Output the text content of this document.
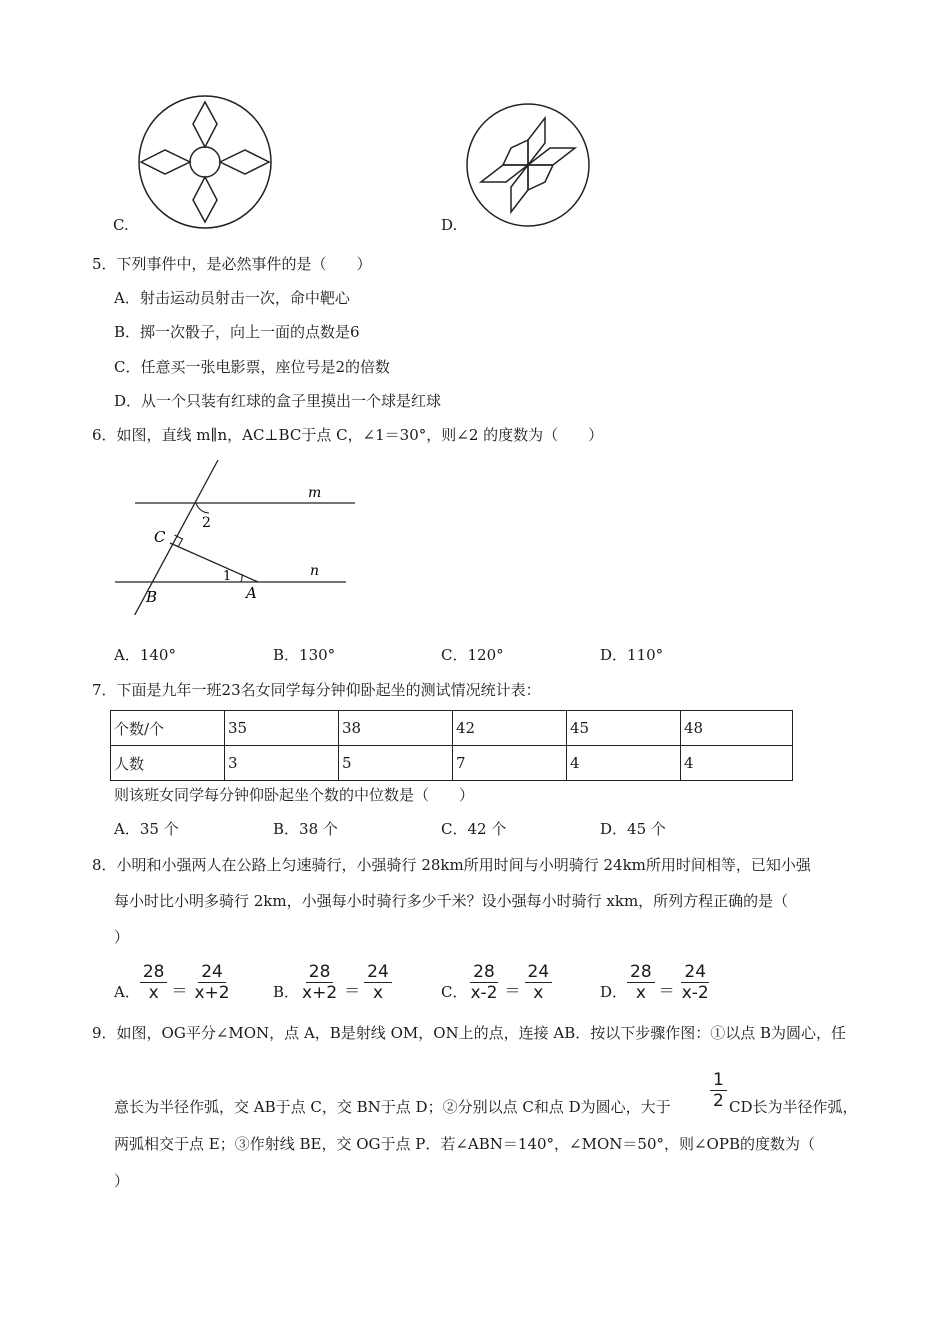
C.	D.
5．下列事件中，是必然事件的是（　　）
A．射击运动员射击一次，命中靶心
B．掷一次骰子，向上一面的点数是6
C．任意买一张电影票，座位号是2的倍数
D．从一个只装有红球的盒子里摸出一个球是红球
6．如图，直线 m∥n，AC⊥BC于点 C，∠1＝30°，则∠2 的度数为（　　）
m
n
2
C
1
B	A
A．140°	B．130°	C．120°	D．110°
7．下面是九年一班23名女同学每分钟仰卧起坐的测试情况统计表：
个数/个	35	38	42	45	48
人数	3	5	7	4	4
则该班女同学每分钟仰卧起坐个数的中位数是（　　）
A．35 个	B．38 个	C．42 个	D．45 个
8．小明和小强两人在公路上匀速骑行，小强骑行 28km所用时间与小明骑行 24km所用时间相等，已知小强
每小时比小明多骑行 2km，小强每小时骑行多少千米？设小强每小时骑行 xkm，所列方程正确的是（
）
A． $\frac{28}{x} = \frac{24}{x+2}$	B． $\frac{28}{x+2} = \frac{24}{x}$	C． $\frac{28}{x-2} = \frac{24}{x}$	D． $\frac{28}{x} = \frac{24}{x-2}$
9．如图，OG平分∠MON，点 A，B是射线 OM，ON上的点，连接 AB．按以下步骤作图：①以点 B为圆心，任
1
2
意长为半径作弧，交 AB于点 C，交 BN于点 D；②分别以点 C和点 D为圆心，大于	CD长为半径作弧，
两弧相交于点 E；③作射线 BE，交 OG于点 P．若∠ABN＝140°，∠MON＝50°，则∠OPB的度数为（
）
